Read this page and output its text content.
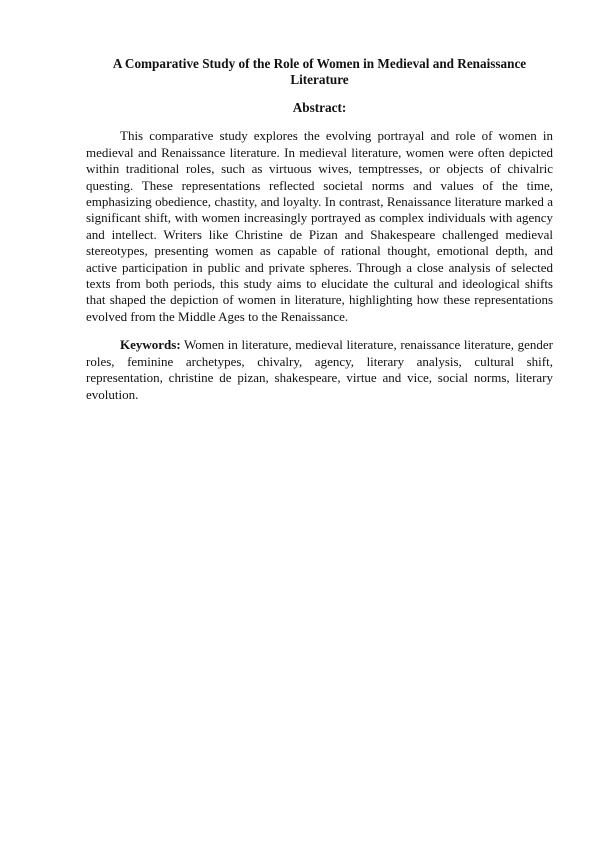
A Comparative Study of the Role of Women in Medieval and Renaissance Literature
Abstract:

This comparative study explores the evolving portrayal and role of women in medieval and Renaissance literature. In medieval literature, women were often depicted within traditional roles, such as virtuous wives, temptresses, or objects of chivalric questing. These representations reflected societal norms and values of the time, emphasizing obedience, chastity, and loyalty. In contrast, Renaissance literature marked a significant shift, with women increasingly portrayed as complex individuals with agency and intellect. Writers like Christine de Pizan and Shakespeare challenged medieval stereotypes, presenting women as capable of rational thought, emotional depth, and active participation in public and private spheres. Through a close analysis of selected texts from both periods, this study aims to elucidate the cultural and ideological shifts that shaped the depiction of women in literature, highlighting how these representations evolved from the Middle Ages to the Renaissance.

Keywords: Women in literature, medieval literature, renaissance literature, gender roles, feminine archetypes, chivalry, agency, literary analysis, cultural shift, representation, christine de pizan, shakespeare, virtue and vice, social norms, literary evolution.
